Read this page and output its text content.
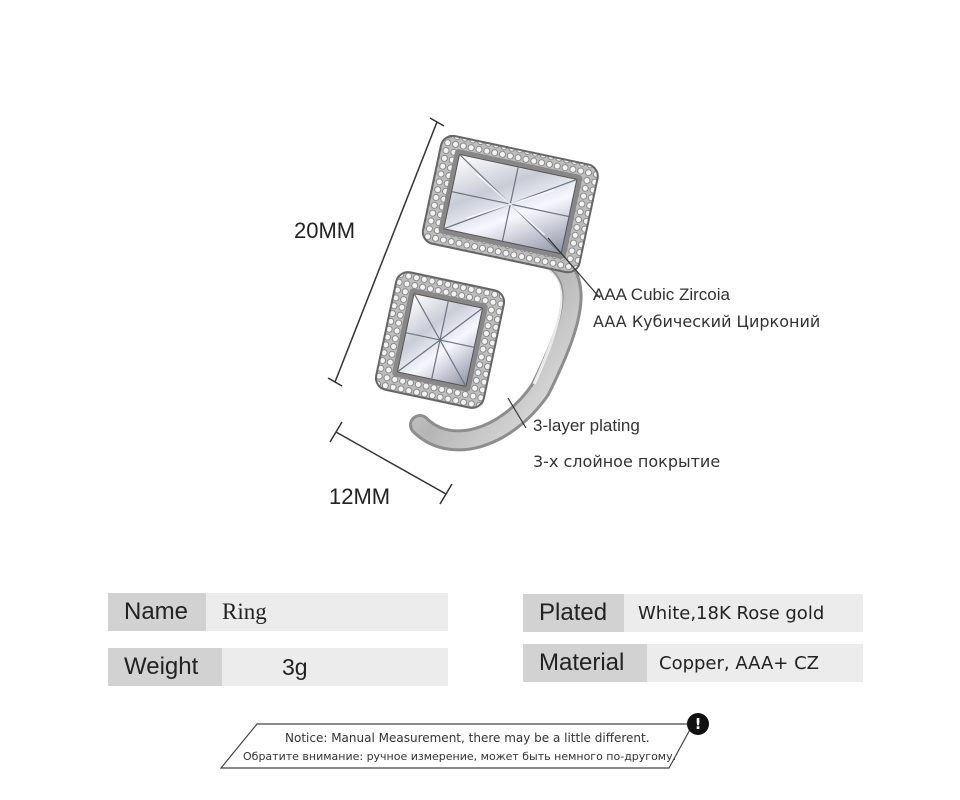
20MM
12MM
AAA Cubic Zircoia
AAA Кубический Цирконий
3-layer plating
3-х слойное покрытие
Name	Ring
Weight	3g
Plated	White,18K Rose gold
Material	Copper, AAA+ CZ
Notice: Manual Measurement, there may be a little different.
Обратите внимание: ручное измерение, может быть немного по-другому.
!
